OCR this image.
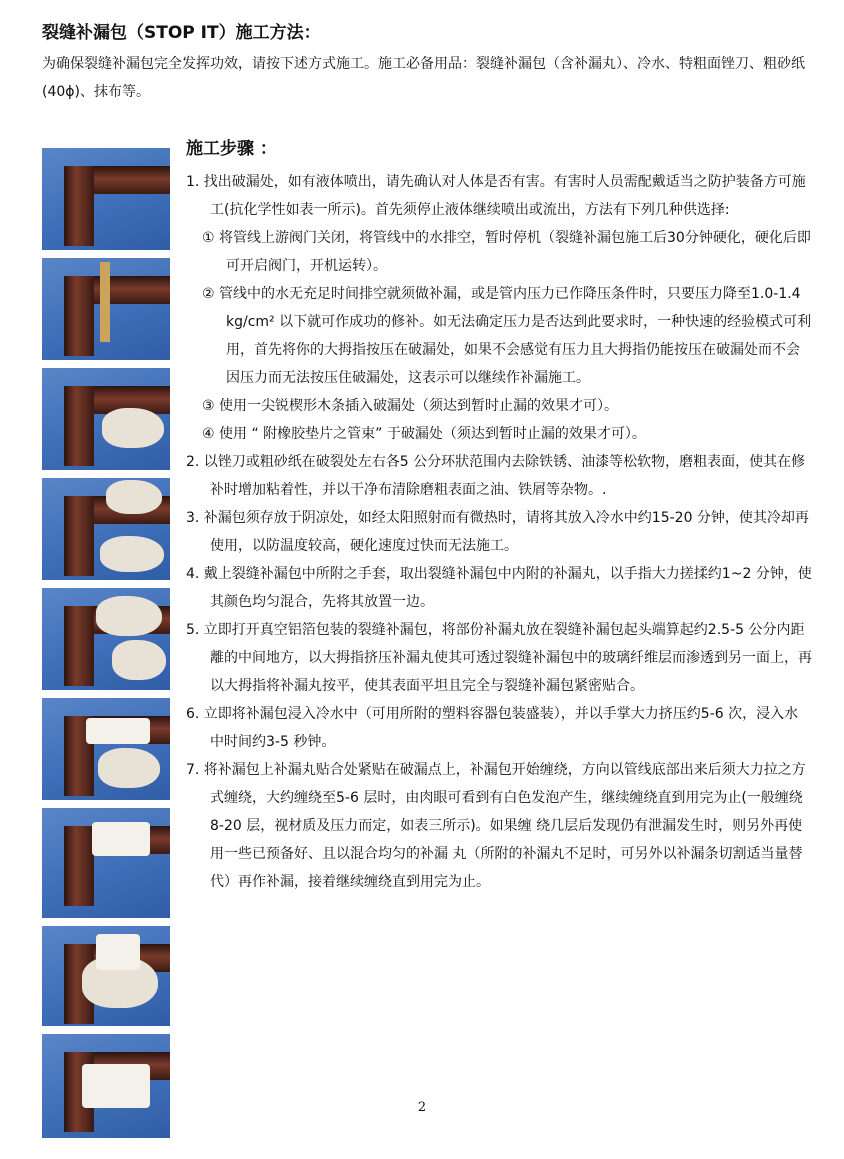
裂缝补漏包（STOP IT）施工方法：
为确保裂缝补漏包完全发挥功效，请按下述方式施工。施工必备用品：裂缝补漏包（含补漏丸）、冷水、特粗面锉刀、粗砂纸(40ϕ)、抹布等。
施工步骤 ：

1. 找出破漏处，如有液体喷出，请先确认对人体是否有害。有害时人员需配戴适当之防护装备方可施工(抗化学性如表一所示)。首先须停止液体继续喷出或流出，方法有下列几种供选择:

① 将管线上游阀门关闭，将管线中的水排空，暂时停机（裂缝补漏包施工后30分钟硬化，硬化后即可开启阀门，开机运转）。

② 管线中的水无充足时间排空就须做补漏，或是管内压力已作降压条件时，只要压力降至1.0-1.4 kg/cm² 以下就可作成功的修补。如无法确定压力是否达到此要求时，一种快速的经验模式可利用，首先将你的大拇指按压在破漏处，如果不会感觉有压力且大拇指仍能按压在破漏处而不会因压力而无法按压住破漏处，这表示可以继续作补漏施工。

③ 使用一尖锐楔形木条插入破漏处（须达到暂时止漏的效果才可）。

④ 使用 “ 附橡胶垫片之管束” 于破漏处（须达到暂时止漏的效果才可）。

2. 以锉刀或粗砂纸在破裂处左右各5 公分环狀范围内去除铁锈、油漆等松软物，磨粗表面，使其在修补时增加粘着性，并以干净布清除磨粗表面之油、铁屑等杂物。.

3. 补漏包须存放于阴凉处，如经太阳照射而有微热时，请将其放入冷水中约15-20 分钟，使其冷却再使用，以防温度较高，硬化速度过快而无法施工。

4. 戴上裂缝补漏包中所附之手套，取出裂缝补漏包中内附的补漏丸，以手指大力搓揉约1~2 分钟，使其颜色均匀混合，先将其放置一边。

5. 立即打开真空铝箔包装的裂缝补漏包，将部份补漏丸放在裂缝补漏包起头端算起约2.5-5 公分内距離的中间地方，以大拇指挤压补漏丸使其可透过裂缝补漏包中的玻璃纤维层而渗透到另一面上，再以大拇指将补漏丸按平，使其表面平坦且完全与裂缝补漏包紧密贴合。

6. 立即将补漏包浸入冷水中（可用所附的塑料容器包装盛装），并以手掌大力挤压约5-6 次，浸入水中时间约3-5 秒钟。

7. 将补漏包上补漏丸贴合处紧贴在破漏点上，补漏包开始缠绕，方向以管线底部出来后须大力拉之方式缠绕，大约缠绕至5-6 层时，由肉眼可看到有白色发泡产生，继续缠绕直到用完为止(一般缠绕 8-20 层，视材质及压力而定，如表三所示)。如果缠 绕几层后发现仍有泄漏发生时，则另外再使用一些已预备好、且以混合均匀的补漏 丸（所附的补漏丸不足时，可另外以补漏条切割适当量替代）再作补漏，接着继续缠绕直到用完为止。

2
